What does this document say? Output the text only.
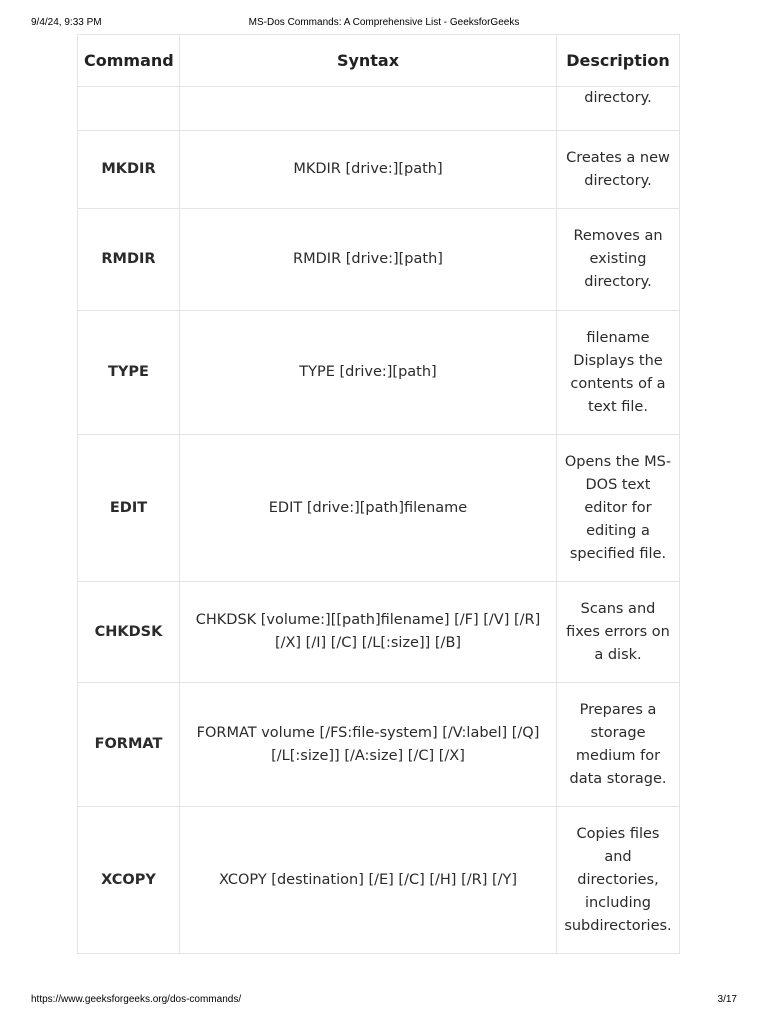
9/4/24, 9:33 PM	MS-Dos Commands: A Comprehensive List - GeeksforGeeks
Command	Syntax	Description
		directory.
MKDIR	MKDIR [drive:][path]	Creates a new directory.
RMDIR	RMDIR [drive:][path]	Removes an existing directory.
TYPE	TYPE [drive:][path]	filename Displays the contents of a text file.
EDIT	EDIT [drive:][path]filename	Opens the MS-DOS text editor for editing a specified file.
CHKDSK	CHKDSK [volume:][[path]filename] [/F] [/V] [/R] [/X] [/I] [/C] [/L[:size]] [/B]	Scans and fixes errors on a disk.
FORMAT	FORMAT volume [/FS:file-system] [/V:label] [/Q] [/L[:size]] [/A:size] [/C] [/X]	Prepares a storage medium for data storage.
XCOPY	XCOPY [destination] [/E] [/C] [/H] [/R] [/Y]	Copies files and directories, including subdirectories.
https://www.geeksforgeeks.org/dos-commands/	3/17
